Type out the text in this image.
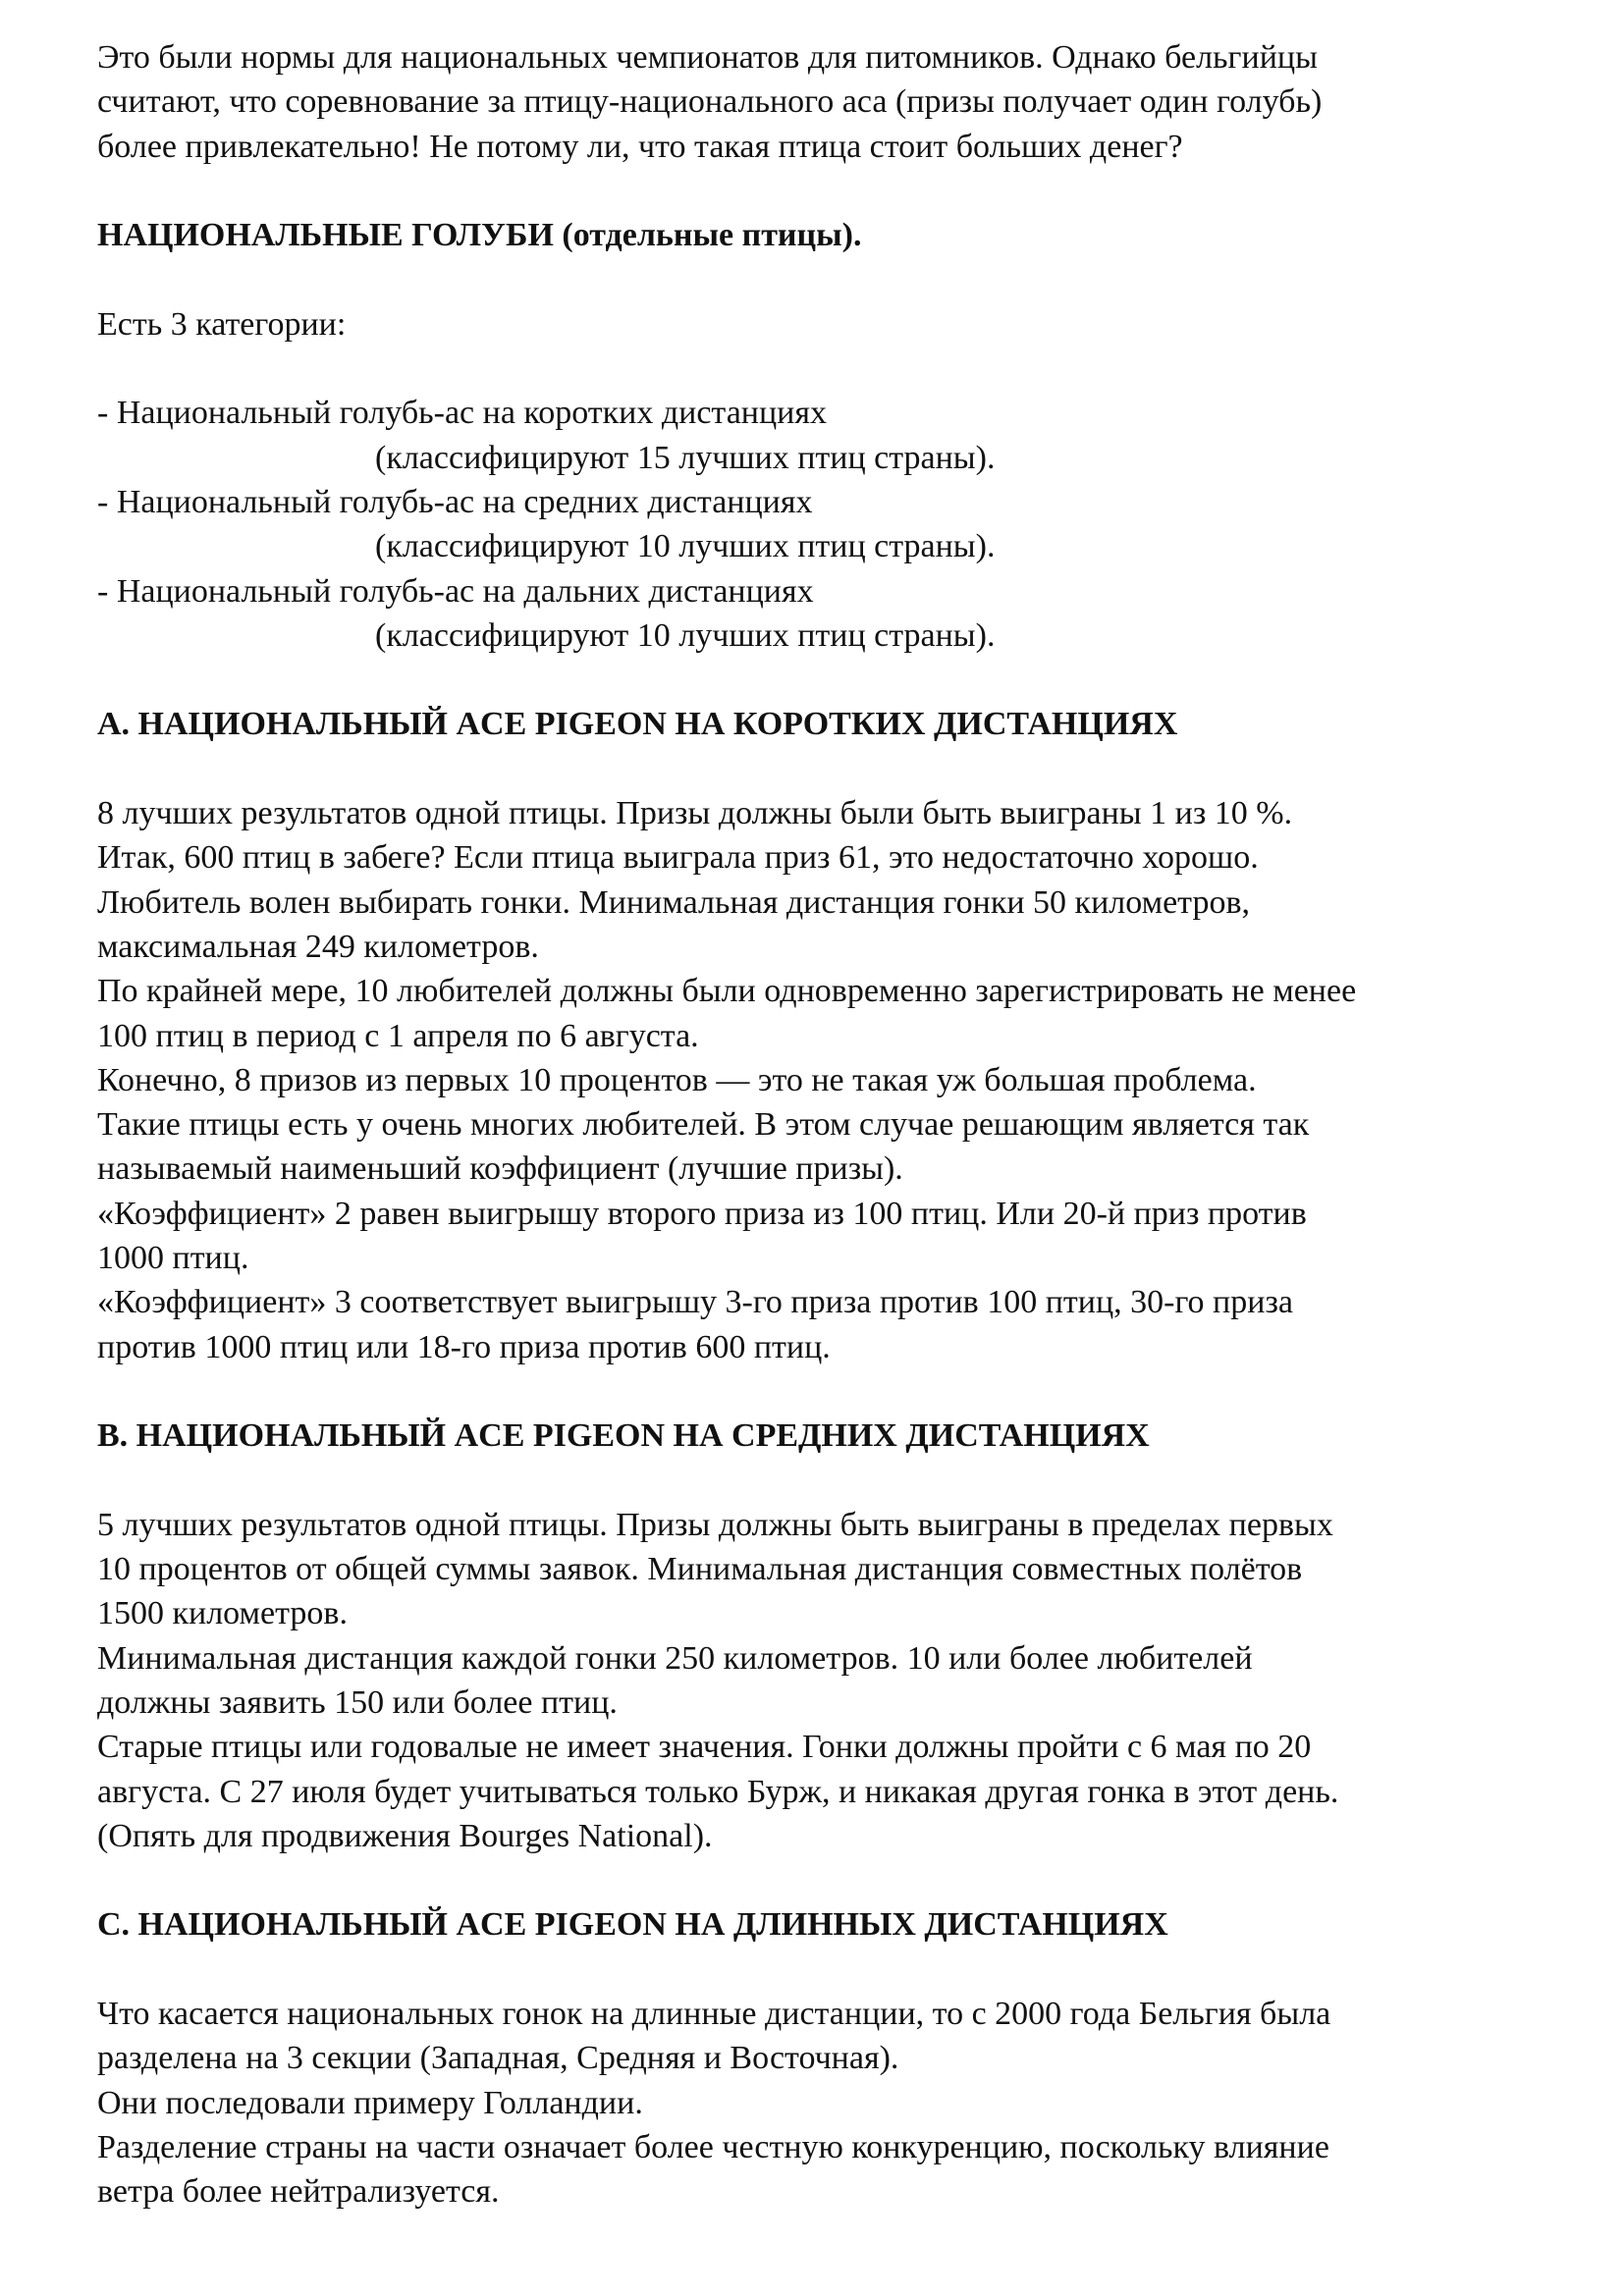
Это были нормы для национальных чемпионатов для питомников. Однако бельгийцы
считают, что соревнование за птицу-национального аса (призы получает один голубь)
более привлекательно! Не потому ли, что такая птица стоит больших денег?

НАЦИОНАЛЬНЫЕ ГОЛУБИ (отдельные птицы).

Есть 3 категории:

- Национальный голубь-ас на коротких дистанциях
(классифицируют 15 лучших птиц страны).
- Национальный голубь-ас на средних дистанциях
(классифицируют 10 лучших птиц страны).
- Национальный голубь-ас на дальних дистанциях
(классифицируют 10 лучших птиц страны).
A. НАЦИОНАЛЬНЫЙ ACE PIGEON НА КОРОТКИХ ДИСТАНЦИЯХ

8 лучших результатов одной птицы. Призы должны были быть выиграны 1 из 10 %.
Итак, 600 птиц в забеге? Если птица выиграла приз 61, это недостаточно хорошо.
Любитель волен выбирать гонки. Минимальная дистанция гонки 50 километров,
максимальная 249 километров.
По крайней мере, 10 любителей должны были одновременно зарегистрировать не менее
100 птиц в период с 1 апреля по 6 августа.
Конечно, 8 призов из первых 10 процентов — это не такая уж большая проблема.
Такие птицы есть у очень многих любителей. В этом случае решающим является так
называемый наименьший коэффициент (лучшие призы).
«Коэффициент» 2 равен выигрышу второго приза из 100 птиц. Или 20-й приз против
1000 птиц.
«Коэффициент» 3 соответствует выигрышу 3-го приза против 100 птиц, 30-го приза
против 1000 птиц или 18-го приза против 600 птиц.

B. НАЦИОНАЛЬНЫЙ ACE PIGEON НА СРЕДНИХ ДИСТАНЦИЯХ

5 лучших результатов одной птицы. Призы должны быть выиграны в пределах первых
10 процентов от общей суммы заявок. Минимальная дистанция совместных полётов
1500 километров.
Минимальная дистанция каждой гонки 250 километров. 10 или более любителей
должны заявить 150 или более птиц.
Старые птицы или годовалые не имеет значения. Гонки должны пройти с 6 мая по 20
августа. С 27 июля будет учитываться только Бурж, и никакая другая гонка в этот день.
(Опять для продвижения Bourges National).

C. НАЦИОНАЛЬНЫЙ ACE PIGEON НА ДЛИННЫХ ДИСТАНЦИЯХ

Что касается национальных гонок на длинные дистанции, то с 2000 года Бельгия была
разделена на 3 секции (Западная, Средняя и Восточная).
Они последовали примеру Голландии.
Разделение страны на части означает более честную конкуренцию, поскольку влияние
ветра более нейтрализуется.
